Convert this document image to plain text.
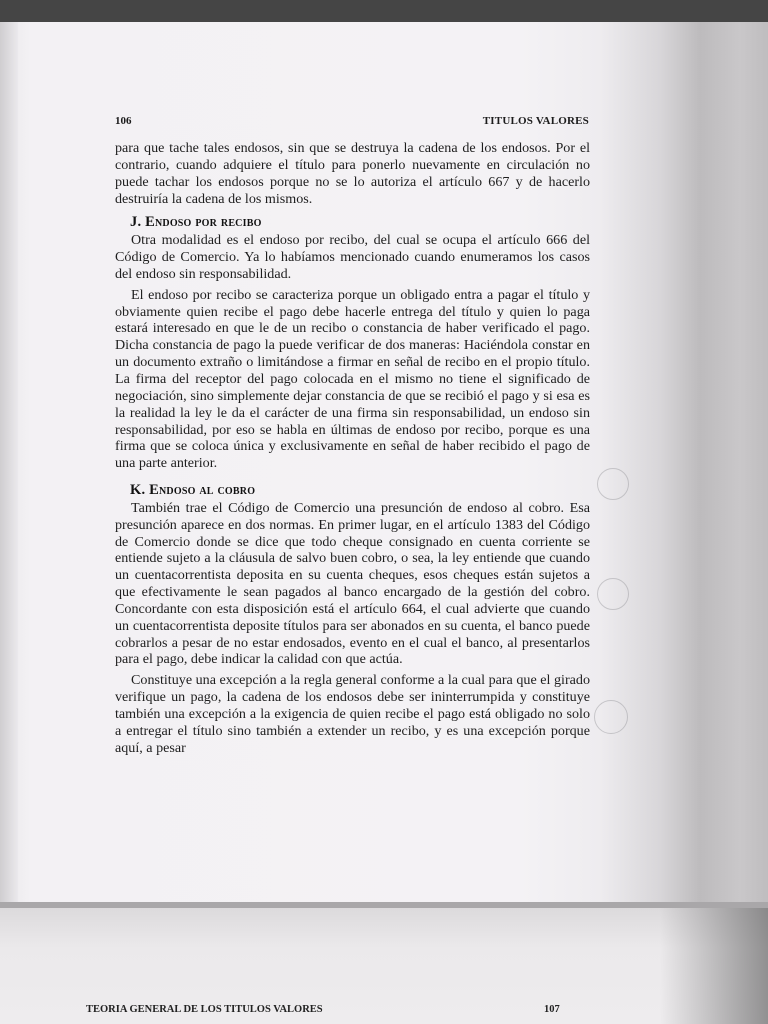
106	TITULOS VALORES

para que tache tales endosos, sin que se destruya la cadena de los endosos. Por el contrario, cuando adquiere el título para ponerlo nuevamente en circulación no puede tachar los endosos porque no se lo autoriza el artículo 667 y de hacerlo destruiría la cadena de los mismos.

J. Endoso por recibo

Otra modalidad es el endoso por recibo, del cual se ocupa el artículo 666 del Código de Comercio. Ya lo habíamos mencionado cuando enumeramos los casos del endoso sin responsabilidad.

El endoso por recibo se caracteriza porque un obligado entra a pagar el título y obviamente quien recibe el pago debe hacerle entrega del título y quien lo paga estará interesado en que le de un recibo o constancia de haber verificado el pago. Dicha constancia de pago la puede verificar de dos maneras: Haciéndola constar en un documento extraño o limitándose a firmar en señal de recibo en el propio título. La firma del receptor del pago colocada en el mismo no tiene el significado de negociación, sino simplemente dejar constancia de que se recibió el pago y si esa es la realidad la ley le da el carácter de una firma sin responsabilidad, un endoso sin responsabilidad, por eso se habla en últimas de endoso por recibo, porque es una firma que se coloca única y exclusivamente en señal de haber recibido el pago de una parte anterior.

K. Endoso al cobro

También trae el Código de Comercio una presunción de endoso al cobro. Esa presunción aparece en dos normas. En primer lugar, en el artículo 1383 del Código de Comercio donde se dice que todo cheque consignado en cuenta corriente se entiende sujeto a la cláusula de salvo buen cobro, o sea, la ley entiende que cuando un cuentacorrentista deposita en su cuenta cheques, esos cheques están sujetos a que efectivamente le sean pagados al banco encargado de la gestión del cobro. Concordante con esta disposición está el artículo 664, el cual advierte que cuando un cuentacorrentista deposite títulos para ser abonados en su cuenta, el banco puede cobrarlos a pesar de no estar endosados, evento en el cual el banco, al presentarlos para el pago, debe indicar la calidad con que actúa.

Constituye una excepción a la regla general conforme a la cual para que el girado verifique un pago, la cadena de los endosos debe ser ininterrumpida y constituye también una excepción a la exigencia de quien recibe el pago está obligado no solo a entregar el título sino también a extender un recibo, y es una excepción porque aquí, a pesar

TEORIA GENERAL DE LOS TITULOS VALORES	107
